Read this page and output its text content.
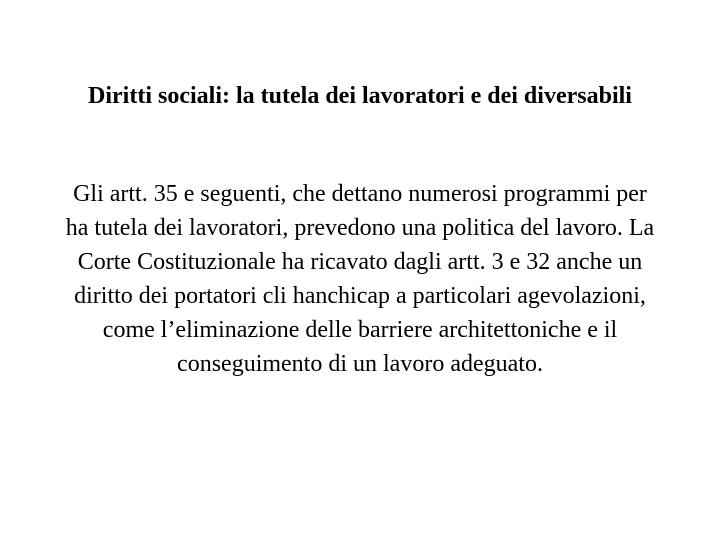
Diritti sociali: la tutela dei lavoratori e dei diversabili

Gli artt. 35 e seguenti, che dettano numerosi programmi per ha tutela dei lavoratori, prevedono una politica del lavoro. La Corte Costituzionale ha ricavato dagli artt. 3 e 32 anche un diritto dei portatori cli hanchicap a particolari agevolazioni, come l’eliminazione delle barriere architettoniche e il conseguimento di un lavoro adeguato.
